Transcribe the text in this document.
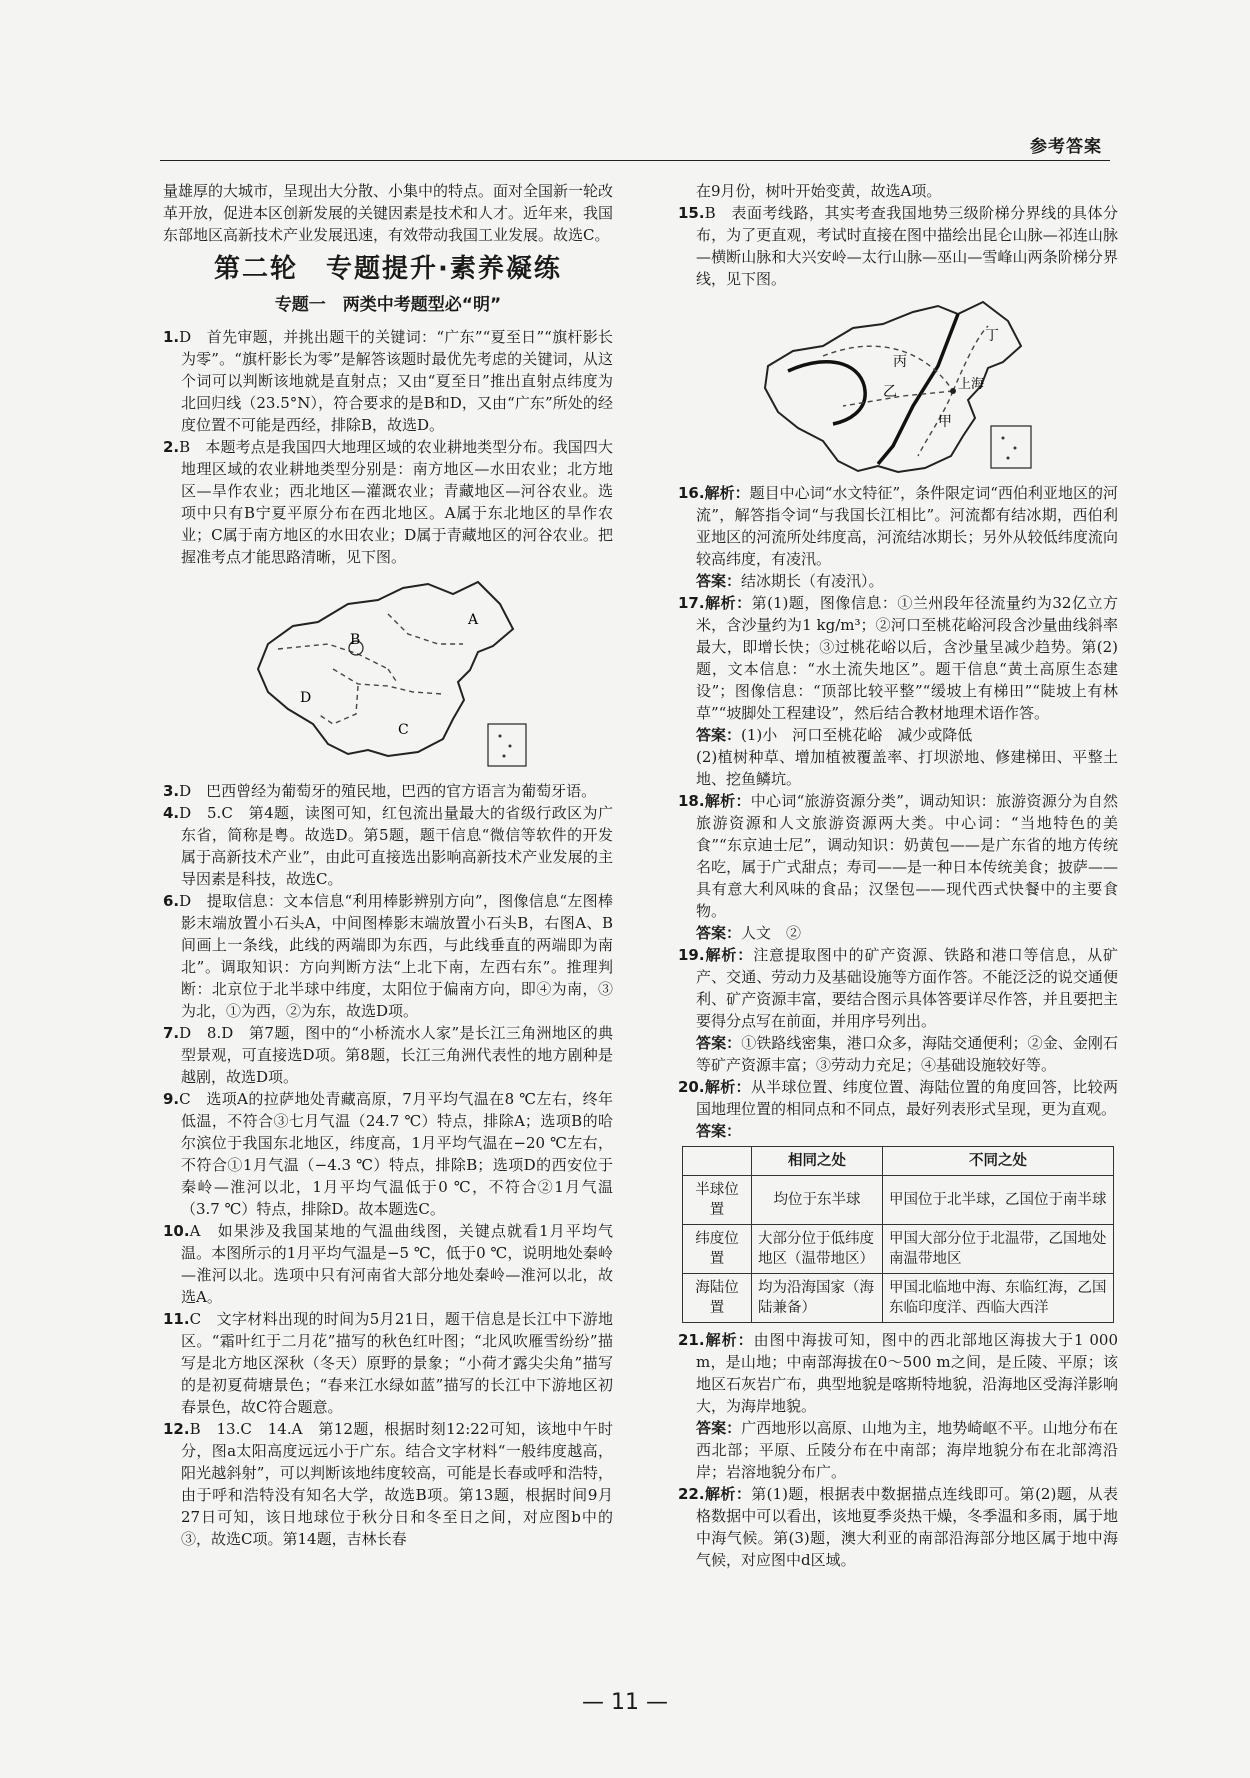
参考答案

量雄厚的大城市，呈现出大分散、小集中的特点。面对全国新一轮改革开放，促进本区创新发展的关键因素是技术和人才。近年来，我国东部地区高新技术产业发展迅速，有效带动我国工业发展。故选C。

第二轮　专题提升·素养凝练
专题一　两类中考题型必“明”

1.D　首先审题，并挑出题干的关键词：“广东”“夏至日”“旗杆影长为零”。“旗杆影长为零”是解答该题时最优先考虑的关键词，从这个词可以判断该地就是直射点；又由“夏至日”推出直射点纬度为北回归线（23.5°N），符合要求的是B和D，又由“广东”所处的经度位置不可能是西经，排除B，故选D。

2.B　本题考点是我国四大地理区域的农业耕地类型分布。我国四大地理区域的农业耕地类型分别是：南方地区—水田农业；北方地区—旱作农业；西北地区—灌溉农业；青藏地区—河谷农业。选项中只有B宁夏平原分布在西北地区。A属于东北地区的旱作农业；C属于南方地区的水田农业；D属于青藏地区的河谷农业。把握准考点才能思路清晰，见下图。

A
B
C
D

3.D　巴西曾经为葡萄牙的殖民地，巴西的官方语言为葡萄牙语。

4.D　5.C　第4题，读图可知，红包流出量最大的省级行政区为广东省，简称是粤。故选D。第5题，题干信息“微信等软件的开发属于高新技术产业”，由此可直接选出影响高新技术产业发展的主导因素是科技，故选C。

6.D　提取信息：文本信息“利用棒影辨别方向”，图像信息“左图棒影末端放置小石头A，中间图棒影末端放置小石头B，右图A、B间画上一条线，此线的两端即为东西，与此线垂直的两端即为南北”。调取知识：方向判断方法“上北下南，左西右东”。推理判断：北京位于北半球中纬度，太阳位于偏南方向，即④为南，③为北，①为西，②为东，故选D项。

7.D　8.D　第7题，图中的“小桥流水人家”是长江三角洲地区的典型景观，可直接选D项。第8题，长江三角洲代表性的地方剧种是越剧，故选D项。

9.C　选项A的拉萨地处青藏高原，7月平均气温在8 ℃左右，终年低温，不符合③七月气温（24.7 ℃）特点，排除A；选项B的哈尔滨位于我国东北地区，纬度高，1月平均气温在−20 ℃左右，不符合①1月气温（−4.3 ℃）特点，排除B；选项D的西安位于秦岭—淮河以北，1月平均气温低于0 ℃，不符合②1月气温（3.7 ℃）特点，排除D。故本题选C。

10.A　如果涉及我国某地的气温曲线图，关键点就看1月平均气温。本图所示的1月平均气温是−5 ℃，低于0 ℃，说明地处秦岭—淮河以北。选项中只有河南省大部分地处秦岭—淮河以北，故选A。

11.C　文字材料出现的时间为5月21日，题干信息是长江中下游地区。“霜叶红于二月花”描写的秋色红叶图；“北风吹雁雪纷纷”描写是北方地区深秋（冬天）原野的景象；“小荷才露尖尖角”描写的是初夏荷塘景色；“春来江水绿如蓝”描写的长江中下游地区初春景色，故C符合题意。

12.B　13.C　14.A　第12题，根据时刻12:22可知，该地中午时分，图a太阳高度远远小于广东。结合文字材料“一般纬度越高，阳光越斜射”，可以判断该地纬度较高，可能是长春或呼和浩特，由于呼和浩特没有知名大学，故选B项。第13题，根据时间9月27日可知，该日地球位于秋分日和冬至日之间，对应图b中的③，故选C项。第14题，吉林长春

在9月份，树叶开始变黄，故选A项。

15.B　表面考线路，其实考查我国地势三级阶梯分界线的具体分布，为了更直观，考试时直接在图中描绘出昆仑山脉—祁连山脉—横断山脉和大兴安岭—太行山脉—巫山—雪峰山两条阶梯分界线，见下图。

丙
丁
乙
甲
上海

16.解析：题目中心词“水文特征”，条件限定词“西伯利亚地区的河流”，解答指令词“与我国长江相比”。河流都有结冰期，西伯利亚地区的河流所处纬度高，河流结冰期长；另外从较低纬度流向较高纬度，有凌汛。

答案：结冰期长（有凌汛）。

17.解析：第(1)题，图像信息：①兰州段年径流量约为32亿立方米，含沙量约为1 kg/m³；②河口至桃花峪河段含沙量曲线斜率最大，即增长快；③过桃花峪以后，含沙量呈减少趋势。第(2)题，文本信息：“水土流失地区”。题干信息“黄土高原生态建设”；图像信息：“顶部比较平整”“缓坡上有梯田”“陡坡上有林草”“坡脚处工程建设”，然后结合教材地理术语作答。

答案：(1)小　河口至桃花峪　减少或降低

(2)植树种草、增加植被覆盖率、打坝淤地、修建梯田、平整土地、挖鱼鳞坑。

18.解析：中心词“旅游资源分类”，调动知识：旅游资源分为自然旅游资源和人文旅游资源两大类。中心词：“当地特色的美食”“东京迪士尼”，调动知识：奶黄包——是广东省的地方传统名吃，属于广式甜点；寿司——是一种日本传统美食；披萨——具有意大利风味的食品；汉堡包——现代西式快餐中的主要食物。

答案：人文　②

19.解析：注意提取图中的矿产资源、铁路和港口等信息，从矿产、交通、劳动力及基础设施等方面作答。不能泛泛的说交通便利、矿产资源丰富，要结合图示具体答要详尽作答，并且要把主要得分点写在前面，并用序号列出。

答案：①铁路线密集，港口众多，海陆交通便利；②金、金刚石等矿产资源丰富；③劳动力充足；④基础设施较好等。

20.解析：从半球位置、纬度位置、海陆位置的角度回答，比较两国地理位置的相同点和不同点，最好列表形式呈现，更为直观。

答案：

	相同之处	不同之处
半球位置	均位于东半球	甲国位于北半球，乙国位于南半球
纬度位置	大部分位于低纬度地区（温带地区）	甲国大部分位于北温带，乙国地处南温带地区
海陆位置	均为沿海国家（海陆兼备）	甲国北临地中海、东临红海，乙国东临印度洋、西临大西洋

21.解析：由图中海拔可知，图中的西北部地区海拔大于1 000 m，是山地；中南部海拔在0～500 m之间，是丘陵、平原；该地区石灰岩广布，典型地貌是喀斯特地貌，沿海地区受海洋影响大，为海岸地貌。

答案：广西地形以高原、山地为主，地势崎岖不平。山地分布在西北部；平原、丘陵分布在中南部；海岸地貌分布在北部湾沿岸；岩溶地貌分布广。

22.解析：第(1)题，根据表中数据描点连线即可。第(2)题，从表格数据中可以看出，该地夏季炎热干燥，冬季温和多雨，属于地中海气候。第(3)题，澳大利亚的南部沿海部分地区属于地中海气候，对应图中d区域。

— 11 —
